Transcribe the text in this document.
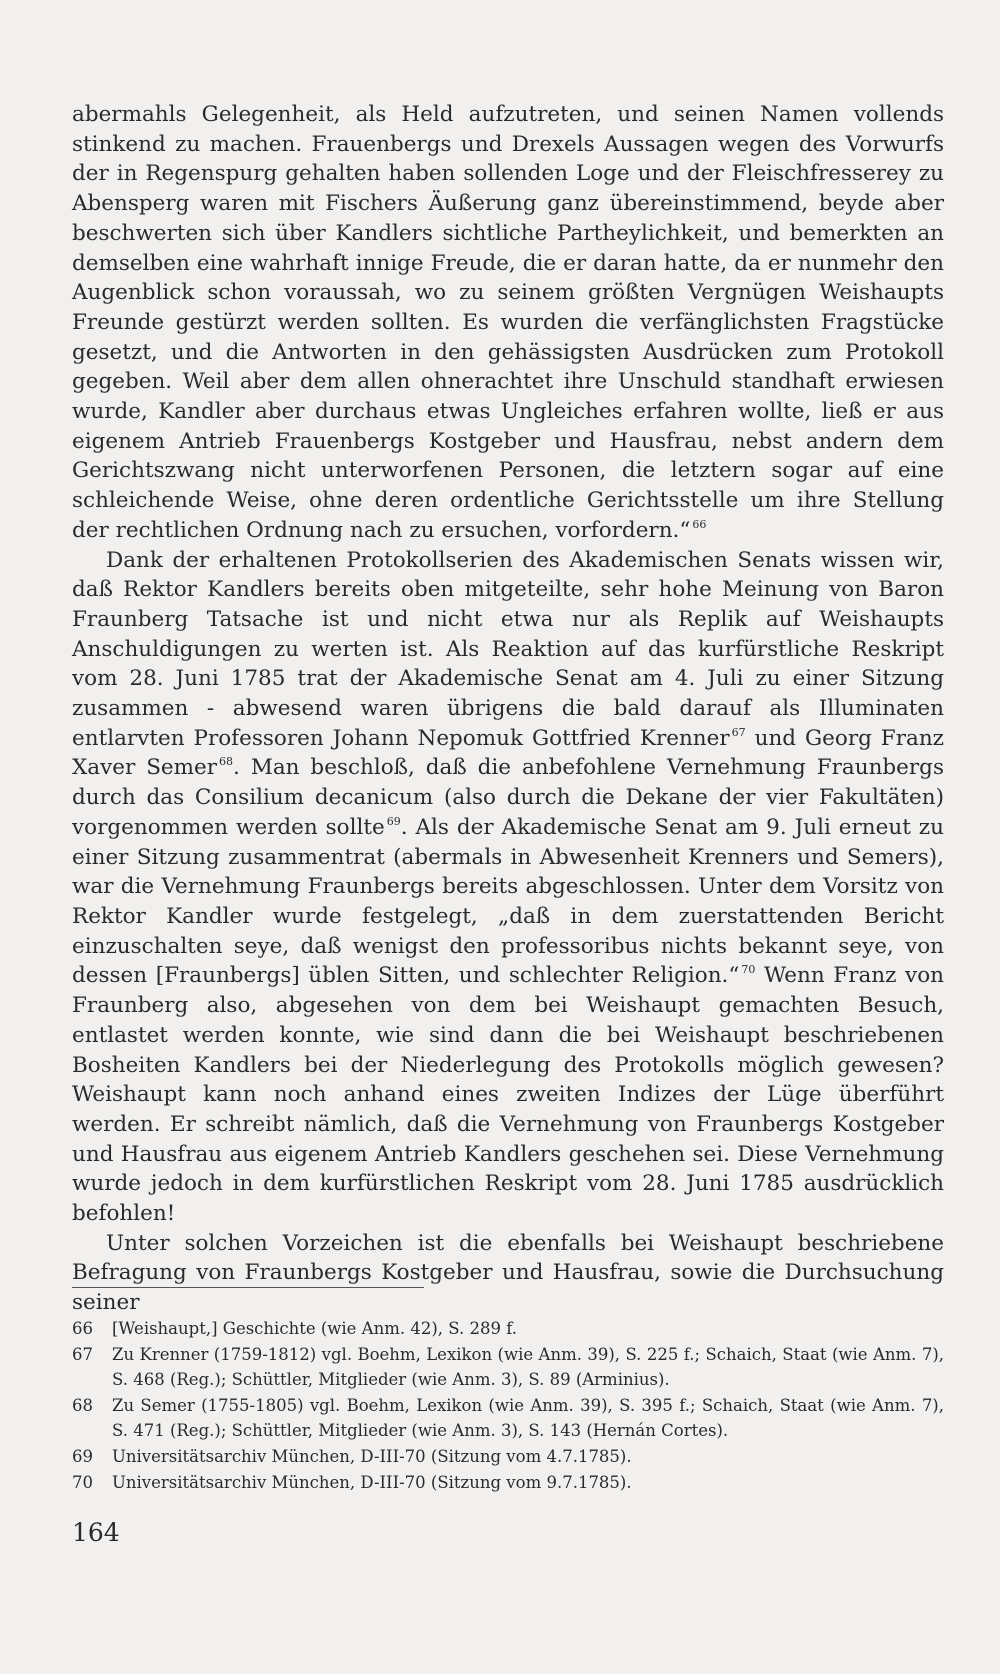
abermahls Gelegenheit, als Held aufzutreten, und seinen Namen vollends stinkend zu machen. Frauenbergs und Drexels Aussagen wegen des Vorwurfs der in Regenspurg gehalten haben sollenden Loge und der Fleischfresserey zu Abensperg waren mit Fischers Äußerung ganz übereinstimmend, beyde aber beschwerten sich über Kandlers sichtliche Partheylichkeit, und bemerkten an demselben eine wahrhaft innige Freude, die er daran hatte, da er nunmehr den Augenblick schon voraussah, wo zu seinem größten Vergnügen Weishaupts Freunde gestürzt werden sollten. Es wurden die verfänglichsten Fragstücke gesetzt, und die Antworten in den gehässigsten Ausdrücken zum Protokoll gegeben. Weil aber dem allen ohnerachtet ihre Unschuld standhaft erwiesen wurde, Kandler aber durchaus etwas Ungleiches erfahren wollte, ließ er aus eigenem Antrieb Frauenbergs Kostgeber und Hausfrau, nebst andern dem Gerichtszwang nicht unterworfenen Personen, die letztern sogar auf eine schleichende Weise, ohne deren ordentliche Gerichtsstelle um ihre Stellung der rechtlichen Ordnung nach zu ersuchen, vorfordern.“ $^{66}$

Dank der erhaltenen Protokollserien des Akademischen Senats wissen wir, daß Rektor Kandlers bereits oben mitgeteilte, sehr hohe Meinung von Baron Fraunberg Tatsache ist und nicht etwa nur als Replik auf Weishaupts Anschuldigungen zu werten ist. Als Reaktion auf das kurfürstliche Reskript vom 28. Juni 1785 trat der Akademische Senat am 4. Juli zu einer Sitzung zusammen - abwesend waren übrigens die bald darauf als Illuminaten entlarvten Professoren Johann Nepomuk Gottfried Krenner $^{67}$ und Georg Franz Xaver Semer $^{68}$. Man beschloß, daß die anbefohlene Vernehmung Fraunbergs durch das Consilium decanicum (also durch die Dekane der vier Fakultäten) vorgenommen werden sollte $^{69}$. Als der Akademische Senat am 9. Juli erneut zu einer Sitzung zusammentrat (abermals in Abwesenheit Krenners und Semers), war die Vernehmung Fraunbergs bereits abgeschlossen. Unter dem Vorsitz von Rektor Kandler wurde festgelegt, „daß in dem zuerstattenden Bericht einzuschalten seye, daß wenigst den professoribus nichts bekannt seye, von dessen [Fraunbergs] üblen Sitten, und schlechter Religion.“ $^{70}$ Wenn Franz von Fraunberg also, abgesehen von dem bei Weishaupt gemachten Besuch, entlastet werden konnte, wie sind dann die bei Weishaupt beschriebenen Bosheiten Kandlers bei der Niederlegung des Protokolls möglich gewesen? Weishaupt kann noch anhand eines zweiten Indizes der Lüge überführt werden. Er schreibt nämlich, daß die Vernehmung von Fraunbergs Kostgeber und Hausfrau aus eigenem Antrieb Kandlers geschehen sei. Diese Vernehmung wurde jedoch in dem kurfürstlichen Reskript vom 28. Juni 1785 ausdrücklich befohlen!

Unter solchen Vorzeichen ist die ebenfalls bei Weishaupt beschriebene Befragung von Fraunbergs Kostgeber und Hausfrau, sowie die Durchsuchung seiner

66	[Weishaupt,] Geschichte (wie Anm. 42), S. 289 f.
67	Zu Krenner (1759-1812) vgl. Boehm, Lexikon (wie Anm. 39), S. 225 f.; Schaich, Staat (wie Anm. 7), S. 468 (Reg.); Schüttler, Mitglieder (wie Anm. 3), S. 89 (Arminius).
68	Zu Semer (1755-1805) vgl. Boehm, Lexikon (wie Anm. 39), S. 395 f.; Schaich, Staat (wie Anm. 7), S. 471 (Reg.); Schüttler, Mitglieder (wie Anm. 3), S. 143 (Hernán Cortes).
69	Universitätsarchiv München, D-III-70 (Sitzung vom 4.7.1785).
70	Universitätsarchiv München, D-III-70 (Sitzung vom 9.7.1785).
164
